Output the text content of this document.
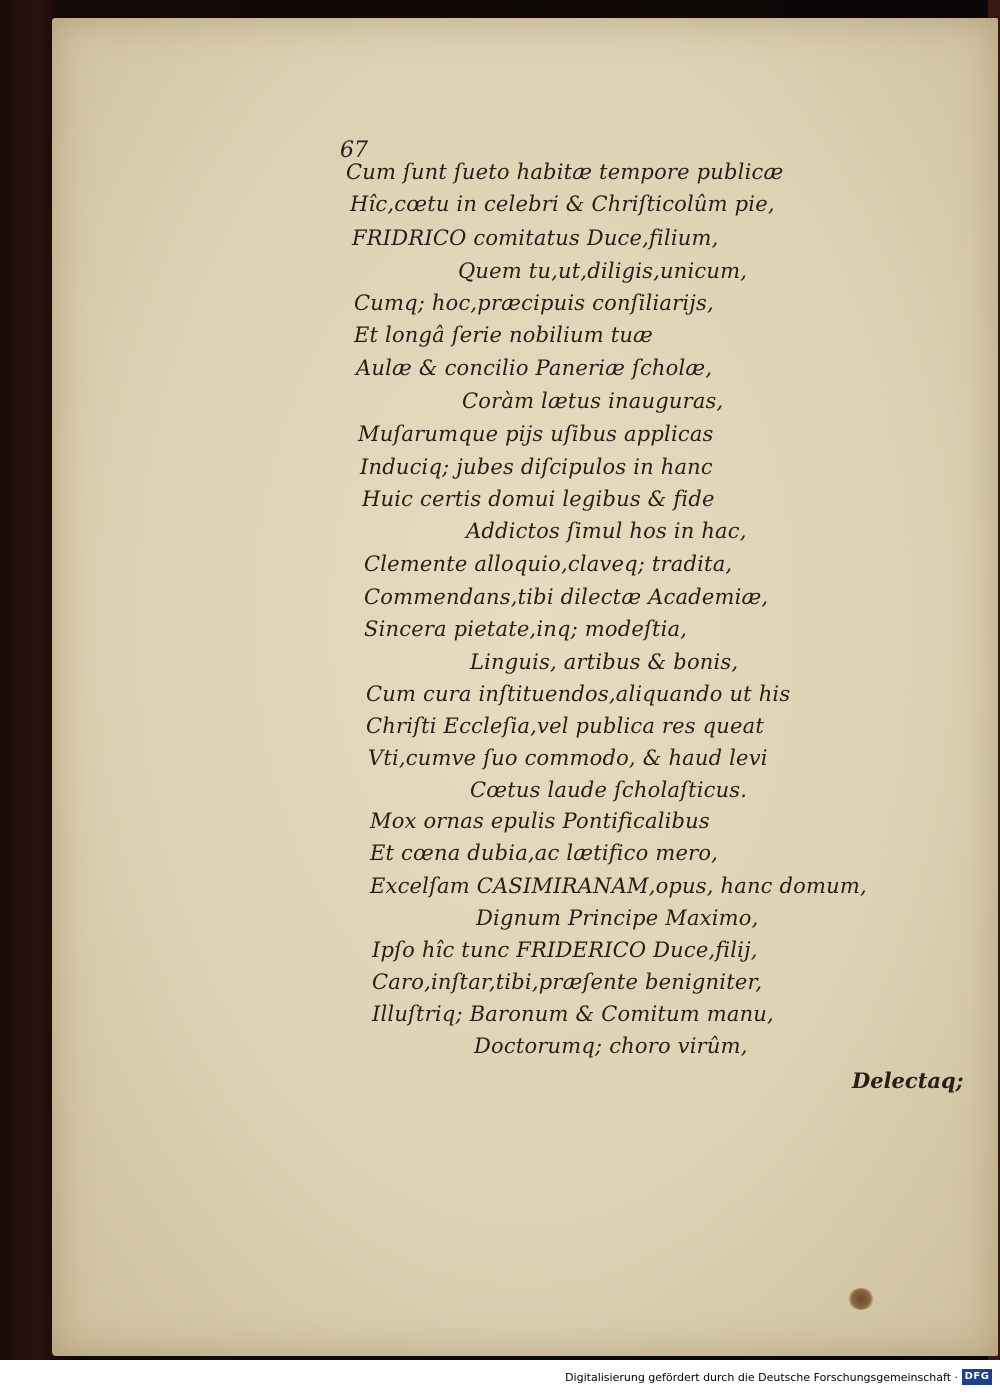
67
Cum ſunt ſueto habitæ tempore publicæ
Hîc,cœtu in celebri & Chriſticolûm pie,
FRIDRICO comitatus Duce,filium,
Quem tu,ut,diligis,unicum,
Cumq; hoc,præcipuis conſiliarijs,
Et longâ ſerie nobilium tuæ
Aulæ & concilio Paneriæ ſcholæ,
Coràm lætus inauguras,
Muſarumque pijs uſibus applicas
Induciq; jubes diſcipulos in hanc
Huic certis domui legibus & fide
Addictos ſimul hos in hac,
Clemente alloquio,claveq; tradita,
Commendans,tibi dilectæ Academiæ,
Sincera pietate,inq; modeſtia,
Linguis, artibus & bonis,
Cum cura inſtituendos,aliquando ut his
Chriſti Eccleſia,vel publica res queat
Vti,cumve ſuo commodo, & haud levi
Cœtus laude ſcholaſticus.
Mox ornas epulis Pontificalibus
Et cœna dubia,ac lætifico mero,
Excelſam CASIMIRANAM,opus, hanc domum,
Dignum Principe Maximo,
Ipſo hîc tunc FRIDERICO Duce,filij,
Caro,inſtar,tibi,præſente benigniter,
Illuſtriq; Baronum & Comitum manu,
Doctorumq; choro virûm,
Delectaq;
Digitalisierung gefördert durch die Deutsche Forschungsgemeinschaft · DFG
